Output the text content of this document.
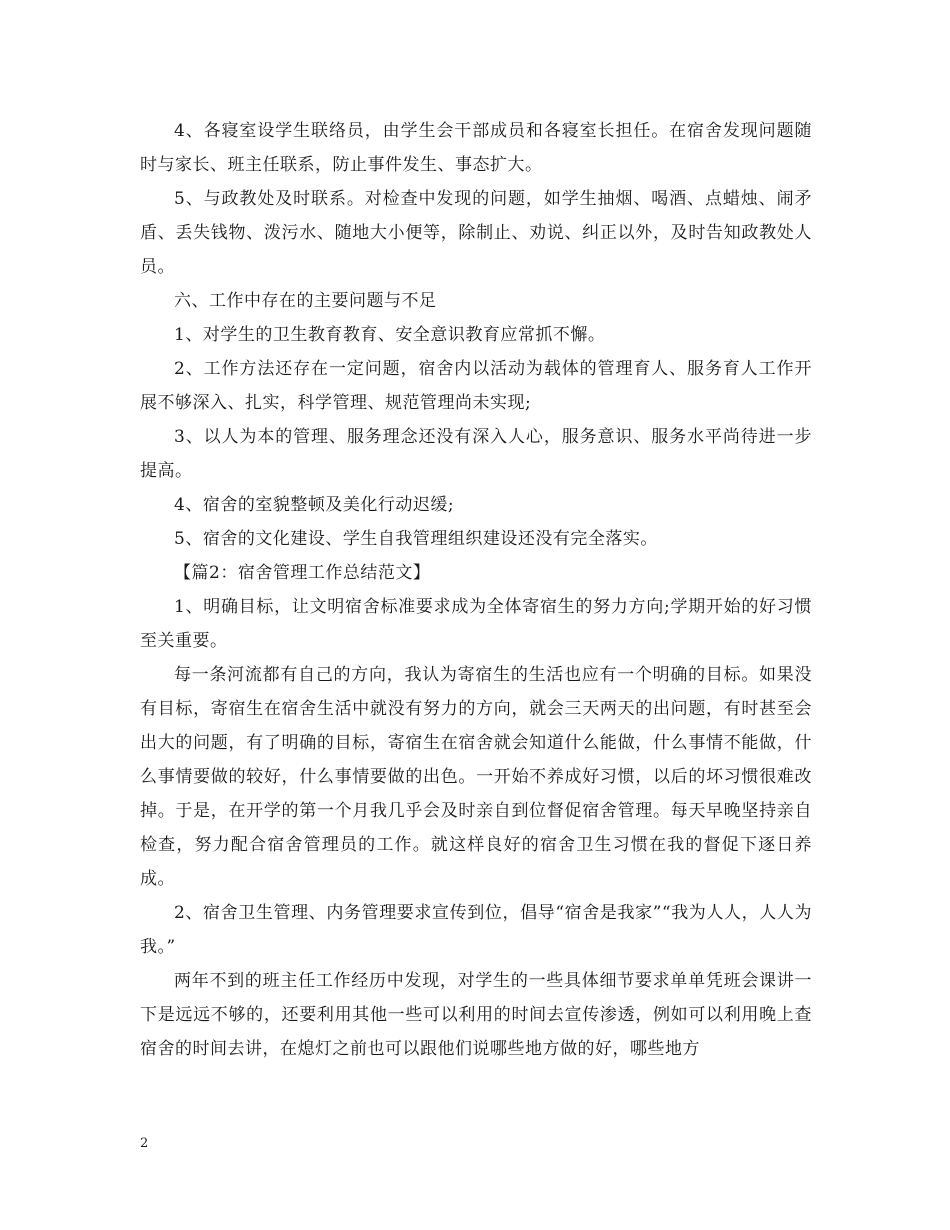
4、各寝室设学生联络员，由学生会干部成员和各寝室长担任。在宿舍发现问题随时与家长、班主任联系，防止事件发生、事态扩大。

5、与政教处及时联系。对检查中发现的问题，如学生抽烟、喝酒、点蜡烛、闹矛盾、丢失钱物、泼污水、随地大小便等，除制止、劝说、纠正以外，及时告知政教处人员。

六、工作中存在的主要问题与不足

1、对学生的卫生教育教育、安全意识教育应常抓不懈。

2、工作方法还存在一定问题，宿舍内以活动为载体的管理育人、服务育人工作开展不够深入、扎实，科学管理、规范管理尚未实现;

3、以人为本的管理、服务理念还没有深入人心，服务意识、服务水平尚待进一步提高。

4、宿舍的室貌整顿及美化行动迟缓;

5、宿舍的文化建设、学生自我管理组织建设还没有完全落实。

【篇2：宿舍管理工作总结范文】

1、明确目标，让文明宿舍标准要求成为全体寄宿生的努力方向;学期开始的好习惯至关重要。

每一条河流都有自己的方向，我认为寄宿生的生活也应有一个明确的目标。如果没有目标，寄宿生在宿舍生活中就没有努力的方向，就会三天两天的出问题，有时甚至会出大的问题，有了明确的目标，寄宿生在宿舍就会知道什么能做，什么事情不能做，什么事情要做的较好，什么事情要做的出色。一开始不养成好习惯，以后的坏习惯很难改掉。于是，在开学的第一个月我几乎会及时亲自到位督促宿舍管理。每天早晚坚持亲自检查，努力配合宿舍管理员的工作。就这样良好的宿舍卫生习惯在我的督促下逐日养成。

2、宿舍卫生管理、内务管理要求宣传到位，倡导“宿舍是我家”“我为人人，人人为我。”

两年不到的班主任工作经历中发现，对学生的一些具体细节要求单单凭班会课讲一下是远远不够的，还要利用其他一些可以利用的时间去宣传渗透，例如可以利用晚上查宿舍的时间去讲，在熄灯之前也可以跟他们说哪些地方做的好，哪些地方

2
